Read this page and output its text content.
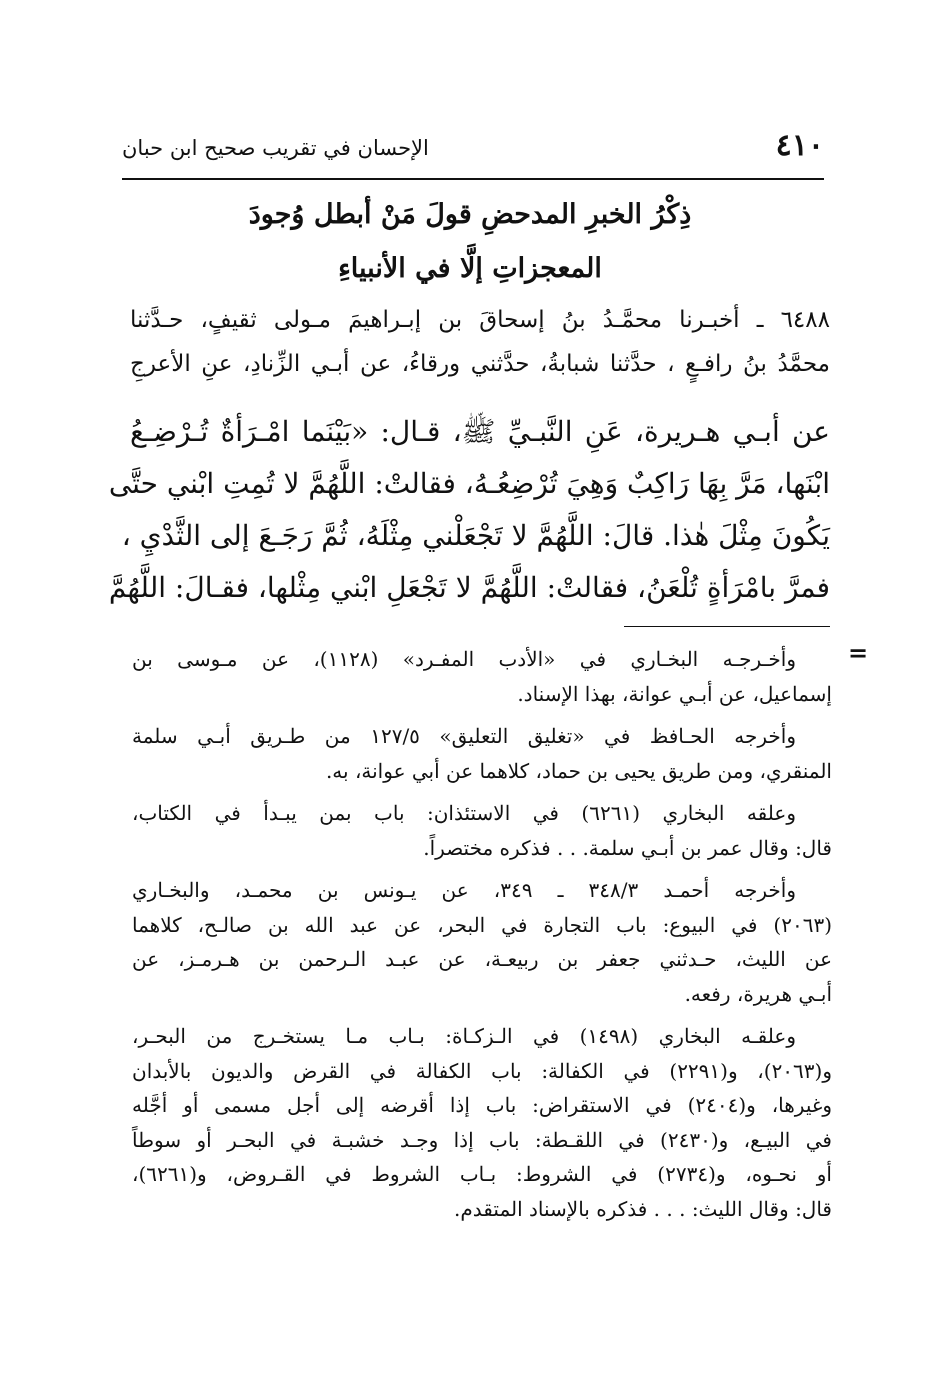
٤١٠
الإحسان في تقريب صحيح ابن حبان
ذِكْرُ الخبرِ المدحضِ قولَ مَنْ أبطل وُجودَ
المعجزاتِ إلَّا في الأنبياءِ
٦٤٨٨ ـ أخبـرنا محمَّـدُ بنُ إسحاقَ بن إبـراهيمَ مـولى ثقيفٍ، حـدَّثنا
محمَّدُ بنُ رافـعٍ ، حدَّثنا شبابةُ، حدَّثني ورقاءُ، عن أبـي الزِّنادِ، عنِ الأعرجِ
عن أبـي هـريرة، عَنِ النَّبـيِّ ﷺ، قـال: «بَيْنَما امْـرَأةٌ تُـرْضِـعُ
ابْنَها، مَرَّ بِهَا رَاكِبٌ وَهِيَ تُرْضِعُـهُ، فقالتْ: اللَّهُمَّ لا تُمِتِ ابْني حتَّى
يَكُونَ مِثْلَ هٰذا. قالَ: اللَّهُمَّ لا تَجْعَلْني مِثْلَهُ، ثُمَّ رَجَـعَ إلى الثَّدْيِ ،
فمرَّ بامْرَأةٍ تُلْعَنُ، فقالتْ: اللَّهُمَّ لا تَجْعَلِ ابْني مِثْلها، فقـالَ: اللَّهُمَّ
=
وأخـرجـه البخـاري في «الأدب المفـرد» (١١٢٨)، عن مـوسى بن
إسماعيل، عن أبـي عوانة، بهذا الإسناد.
وأخرجه الحـافظ في «تغليق التعليق» ١٢٧/٥ من طـريق أبـي سلمة
المنقري، ومن طريق يحيى بن حماد، كلاهما عن أبي عوانة، به.
وعلقه البخاري (٦٢٦١) في الاستئذان: باب بمن يبـدأ في الكتاب،
قال: وقال عمر بن أبـي سلمة. . . فذكره مختصراً.
وأخرجه أحمـد ٣٤٨/٣ ـ ٣٤٩، عن يـونس بن محمـد، والبخـاري
(٢٠٦٣) في البيوع: باب التجارة في البحر، عن عبد الله بن صالـح، كلاهما
عن الليث، حـدثني جعفر بن ربيعـة، عن عبـد الـرحمن بن هـرمـز، عن
أبـي هريرة، رفعه.
وعلقـه البخاري (١٤٩٨) في الـزكـاة: بـاب مـا يستخـرج من البحـر،
و(٢٠٦٣)، و(٢٢٩١) في الكفالة: باب الكفالة في القرض والديون بالأبدان
وغيرها، و(٢٤٠٤) في الاستقراض: باب إذا أقرضه إلى أجل مسمى أو أجَّله
في البيـع، و(٢٤٣٠) في اللقـطة: باب إذا وجـد خشبـة في البحـر أو سوطاً
أو نحـوه، و(٢٧٣٤) في الشروط: بـاب الشروط في القـروض، و(٦٢٦١)،
قال: وقال الليث: . . . فذكره بالإسناد المتقدم.
